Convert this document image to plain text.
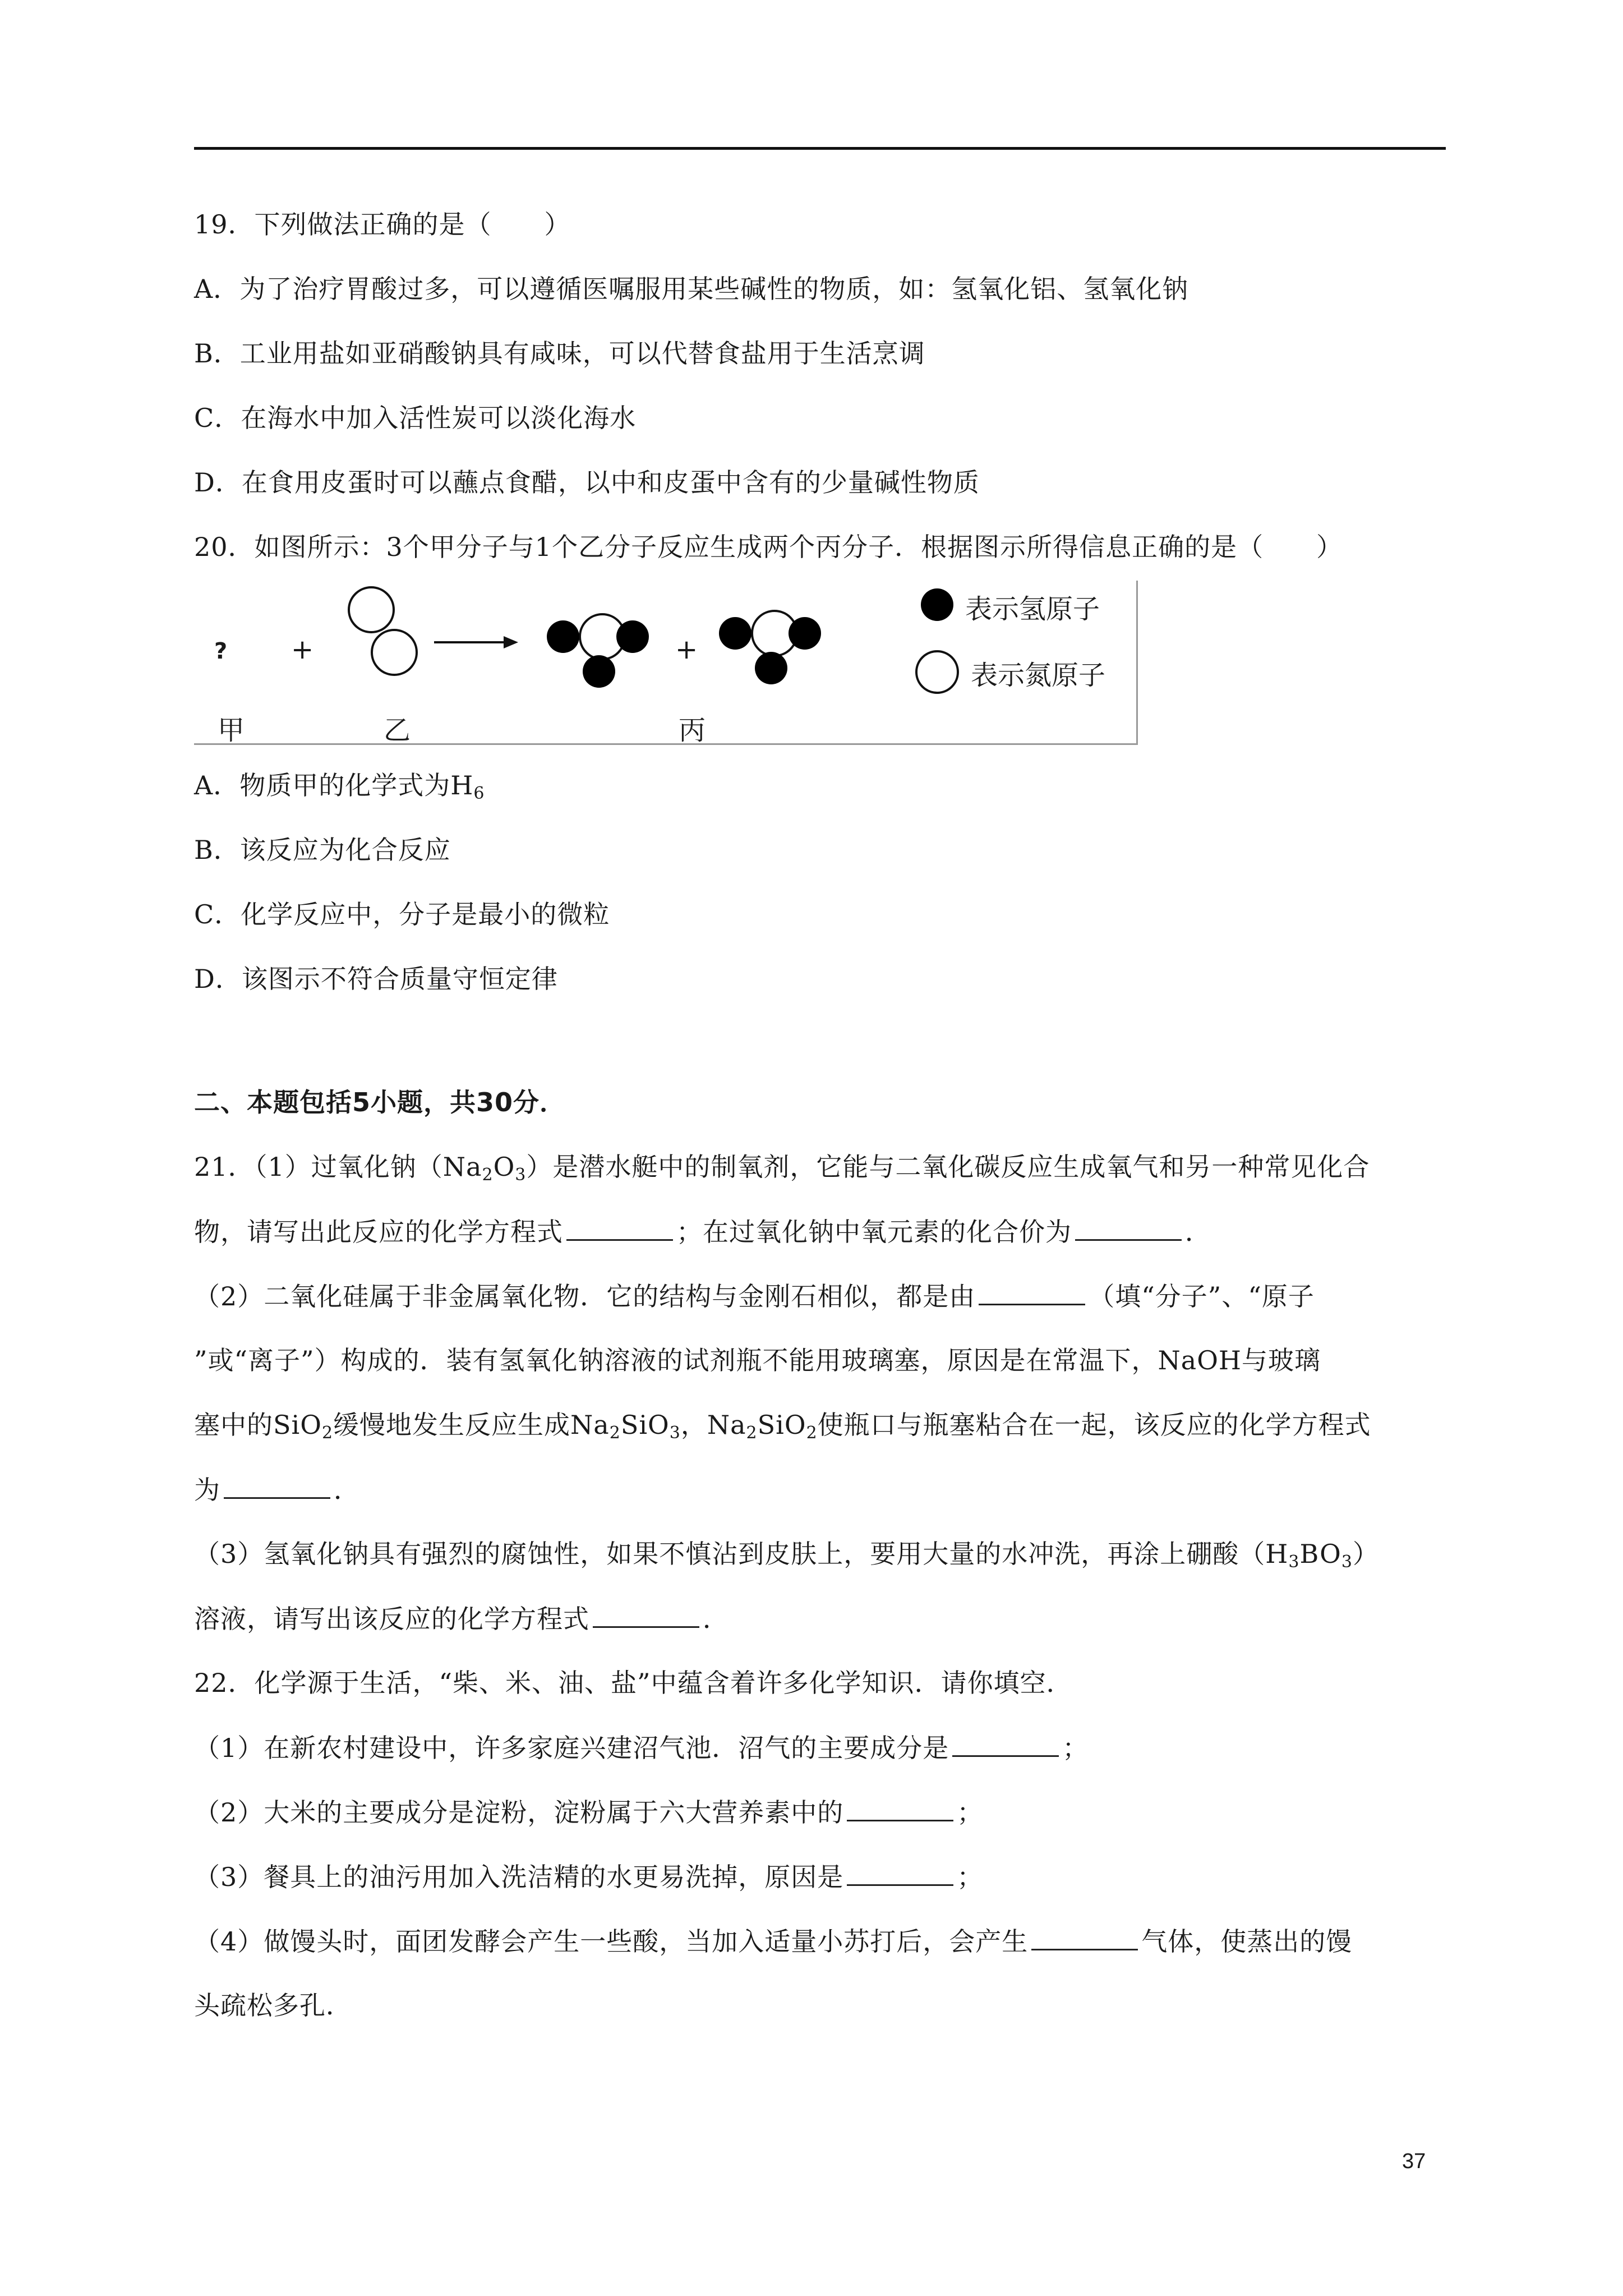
19．下列做法正确的是（　　）
A．为了治疗胃酸过多，可以遵循医嘱服用某些碱性的物质，如：氢氧化铝、氢氧化钠
B．工业用盐如亚硝酸钠具有咸味，可以代替食盐用于生活烹调
C．在海水中加入活性炭可以淡化海水
D．在食用皮蛋时可以蘸点食醋，以中和皮蛋中含有的少量碱性物质
20．如图所示：3个甲分子与1个乙分子反应生成两个丙分子．根据图示所得信息正确的是（　　）
? +	+
表示氢原子
表示氮原子
甲	乙	丙
A．物质甲的化学式为$H_6$
B．该反应为化合反应
C．化学反应中，分子是最小的微粒
D．该图示不符合质量守恒定律
二、本题包括5小题，共30分．
21．（1）过氧化钠$(Na_2O_3)$是潜水艇中的制氧剂，它能与二氧化碳反应生成氧气和另一种常见化合
物，请写出此反应的化学方程式	；在过氧化钠中氧元素的化合价为	．
（2）二氧化硅属于非金属氧化物．它的结构与金刚石相似，都是由	（填“分子”、“原子
”或“离子”）构成的．装有氢氧化钠溶液的试剂瓶不能用玻璃塞，原因是在常温下，NaOH与玻璃
塞中的SiO$_2$缓慢地发生反应生成$Na_2SiO_3$，$Na_2SiO_2$使瓶口与瓶塞粘合在一起，该反应的化学方程式
为	．
（3）氢氧化钠具有强烈的腐蚀性，如果不慎沾到皮肤上，要用大量的水冲洗，再涂上硼酸$(H_3BO_3)$
溶液，请写出该反应的化学方程式	．
22．化学源于生活，“柴、米、油、盐”中蕴含着许多化学知识．请你填空．
（1）在新农村建设中，许多家庭兴建沼气池．沼气的主要成分是	；
（2）大米的主要成分是淀粉，淀粉属于六大营养素中的	；
（3）餐具上的油污用加入洗洁精的水更易洗掉，原因是	；
（4）做馒头时，面团发酵会产生一些酸，当加入适量小苏打后，会产生	气体，使蒸出的馒
头疏松多孔．
37
